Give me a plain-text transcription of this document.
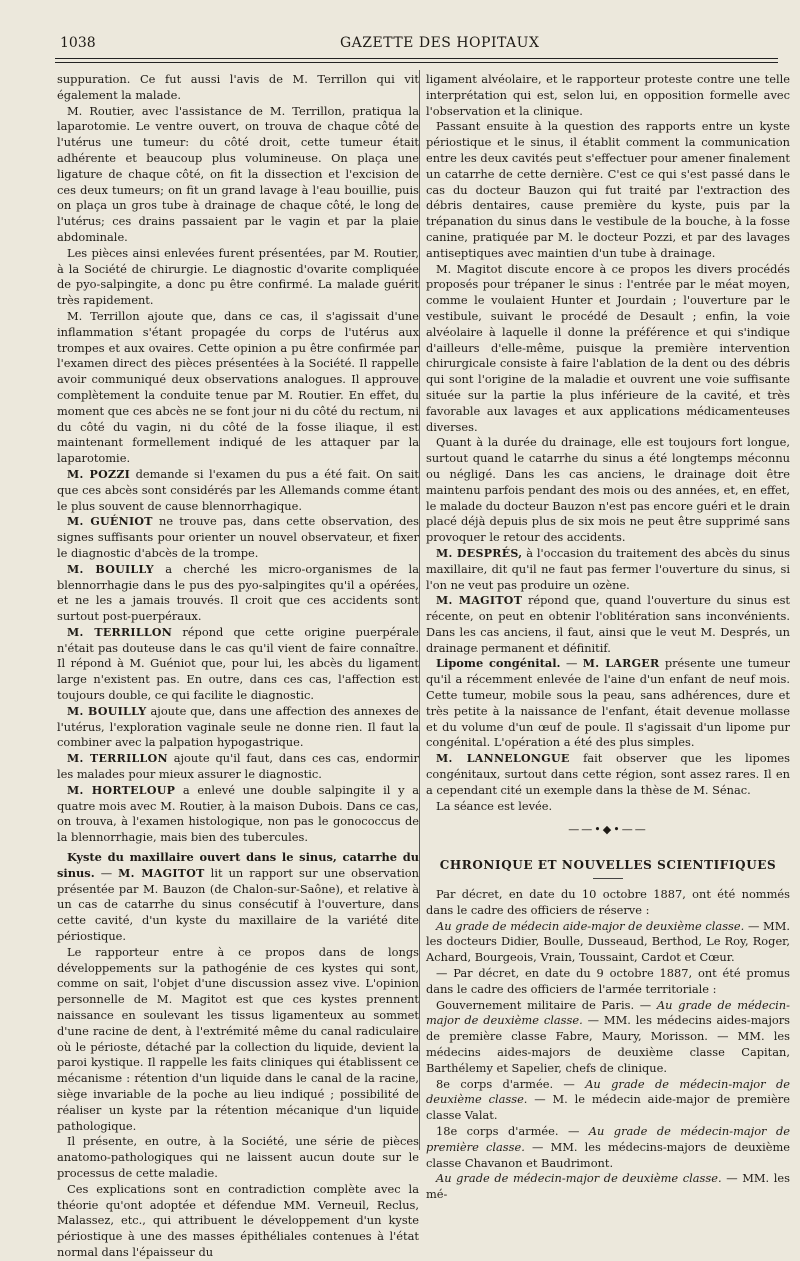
1038	GAZETTE DES HOPITAUX

suppuration. Ce fut aussi l'avis de M. Terrillon qui vit également la malade.

M. Routier, avec l'assistance de M. Terrillon, pratiqua la laparotomie. Le ventre ouvert, on trouva de chaque côté de l'utérus une tumeur: du côté droit, cette tumeur était adhérente et beaucoup plus volumineuse. On plaça une ligature de chaque côté, on fit la dissection et l'excision de ces deux tumeurs; on fit un grand lavage à l'eau bouillie, puis on plaça un gros tube à drainage de chaque côté, le long de l'utérus; ces drains passaient par le vagin et par la plaie abdominale.

Les pièces ainsi enlevées furent présentées, par M. Routier, à la Société de chirurgie. Le diagnostic d'ovarite compliquée de pyo-salpingite, a donc pu être confirmé. La malade guérit très rapidement.

M. Terrillon ajoute que, dans ce cas, il s'agissait d'une inflammation s'étant propagée du corps de l'utérus aux trompes et aux ovaires. Cette opinion a pu être confirmée par l'examen direct des pièces présentées à la Société. Il rappelle avoir communiqué deux observations analogues. Il approuve complètement la conduite tenue par M. Routier. En effet, du moment que ces abcès ne se font jour ni du côté du rectum, ni du côté du vagin, ni du côté de la fosse iliaque, il est maintenant formellement indiqué de les attaquer par la laparotomie.

M. POZZI demande si l'examen du pus a été fait. On sait que ces abcès sont considérés par les Allemands comme étant le plus souvent de cause blennorrhagique.

M. GUÉNIOT ne trouve pas, dans cette observation, des signes suffisants pour orienter un nouvel observateur, et fixer le diagnostic d'abcès de la trompe.

M. BOUILLY a cherché les micro-organismes de la blennorrhagie dans le pus des pyo-salpingites qu'il a opérées, et ne les a jamais trouvés. Il croit que ces accidents sont surtout post-puerpéraux.

M. TERRILLON répond que cette origine puerpérale n'était pas douteuse dans le cas qu'il vient de faire connaître. Il répond à M. Guéniot que, pour lui, les abcès du ligament large n'existent pas. En outre, dans ces cas, l'affection est toujours double, ce qui facilite le diagnostic.

M. BOUILLY ajoute que, dans une affection des annexes de l'utérus, l'exploration vaginale seule ne donne rien. Il faut la combiner avec la palpation hypogastrique.

M. TERRILLON ajoute qu'il faut, dans ces cas, endormir les malades pour mieux assurer le diagnostic.

M. HORTELOUP a enlevé une double salpingite il y a quatre mois avec M. Routier, à la maison Dubois. Dans ce cas, on trouva, à l'examen histologique, non pas le gonococcus de la blennorrhagie, mais bien des tubercules.

Kyste du maxillaire ouvert dans le sinus, catarrhe du sinus. — M. MAGITOT lit un rapport sur une observation présentée par M. Bauzon (de Chalon-sur-Saône), et relative à un cas de catarrhe du sinus consécutif à l'ouverture, dans cette cavité, d'un kyste du maxillaire de la variété dite périostique.

Le rapporteur entre à ce propos dans de longs développements sur la pathogénie de ces kystes qui sont, comme on sait, l'objet d'une discussion assez vive. L'opinion personnelle de M. Magitot est que ces kystes prennent naissance en soulevant les tissus ligamenteux au sommet d'une racine de dent, à l'extrémité même du canal radiculaire où le périoste, détaché par la collection du liquide, devient la paroi kystique. Il rappelle les faits cliniques qui établissent ce mécanisme : rétention d'un liquide dans le canal de la racine, siège invariable de la poche au lieu indiqué ; possibilité de réaliser un kyste par la rétention mécanique d'un liquide pathologique.

Il présente, en outre, à la Société, une série de pièces anatomo-pathologiques qui ne laissent aucun doute sur le processus de cette maladie.

Ces explications sont en contradiction complète avec la théorie qu'ont adoptée et défendue MM. Verneuil, Reclus, Malassez, etc., qui attribuent le développement d'un kyste périostique à une des masses épithéliales contenues à l'état normal dans l'épaisseur du

ligament alvéolaire, et le rapporteur proteste contre une telle interprétation qui est, selon lui, en opposition formelle avec l'observation et la clinique.

Passant ensuite à la question des rapports entre un kyste périostique et le sinus, il établit comment la communication entre les deux cavités peut s'effectuer pour amener finalement un catarrhe de cette dernière. C'est ce qui s'est passé dans le cas du docteur Bauzon qui fut traité par l'extraction des débris dentaires, cause première du kyste, puis par la trépanation du sinus dans le vestibule de la bouche, à la fosse canine, pratiquée par M. le docteur Pozzi, et par des lavages antiseptiques avec maintien d'un tube à drainage.

M. Magitot discute encore à ce propos les divers procédés proposés pour trépaner le sinus : l'entrée par le méat moyen, comme le voulaient Hunter et Jourdain ; l'ouverture par le vestibule, suivant le procédé de Desault ; enfin, la voie alvéolaire à laquelle il donne la préférence et qui s'indique d'ailleurs d'elle-même, puisque la première intervention chirurgicale consiste à faire l'ablation de la dent ou des débris qui sont l'origine de la maladie et ouvrent une voie suffisante située sur la partie la plus inférieure de la cavité, et très favorable aux lavages et aux applications médicamenteuses diverses.

Quant à la durée du drainage, elle est toujours fort longue, surtout quand le catarrhe du sinus a été longtemps méconnu ou négligé. Dans les cas anciens, le drainage doit être maintenu parfois pendant des mois ou des années, et, en effet, le malade du docteur Bauzon n'est pas encore guéri et le drain placé déjà depuis plus de six mois ne peut être supprimé sans provoquer le retour des accidents.

M. DESPRÉS, à l'occasion du traitement des abcès du sinus maxillaire, dit qu'il ne faut pas fermer l'ouverture du sinus, si l'on ne veut pas produire un ozène.

M. MAGITOT répond que, quand l'ouverture du sinus est récente, on peut en obtenir l'oblitération sans inconvénients. Dans les cas anciens, il faut, ainsi que le veut M. Després, un drainage permanent et définitif.

Lipome congénital. — M. LARGER présente une tumeur qu'il a récemment enlevée de l'aine d'un enfant de neuf mois. Cette tumeur, mobile sous la peau, sans adhérences, dure et très petite à la naissance de l'enfant, était devenue mollasse et du volume d'un œuf de poule. Il s'agissait d'un lipome pur congénital. L'opération a été des plus simples.

M. LANNELONGUE fait observer que les lipomes congénitaux, surtout dans cette région, sont assez rares. Il en a cependant cité un exemple dans la thèse de M. Sénac.

La séance est levée.

——•◆•——
CHRONIQUE ET NOUVELLES SCIENTIFIQUES

Par décret, en date du 10 octobre 1887, ont été nommés dans le cadre des officiers de réserve :

Au grade de médecin aide-major de deuxième classe. — MM. les docteurs Didier, Boulle, Dusseaud, Berthod, Le Roy, Roger, Achard, Bourgeois, Vrain, Toussaint, Cardot et Cœur.

— Par décret, en date du 9 octobre 1887, ont été promus dans le cadre des officiers de l'armée territoriale :

Gouvernement militaire de Paris. — Au grade de médecin-major de deuxième classe. — MM. les médecins aides-majors de première classe Fabre, Maury, Morisson. — MM. les médecins aides-majors de deuxième classe Capitan, Barthélemy et Sapelier, chefs de clinique.

8e corps d'armée. — Au grade de médecin-major de deuxième classe. — M. le médecin aide-major de première classe Valat.

18e corps d'armée. — Au grade de médecin-major de première classe. — MM. les médecins-majors de deuxième classe Chavanon et Baudrimont.

Au grade de médecin-major de deuxième classe. — MM. les mé-
